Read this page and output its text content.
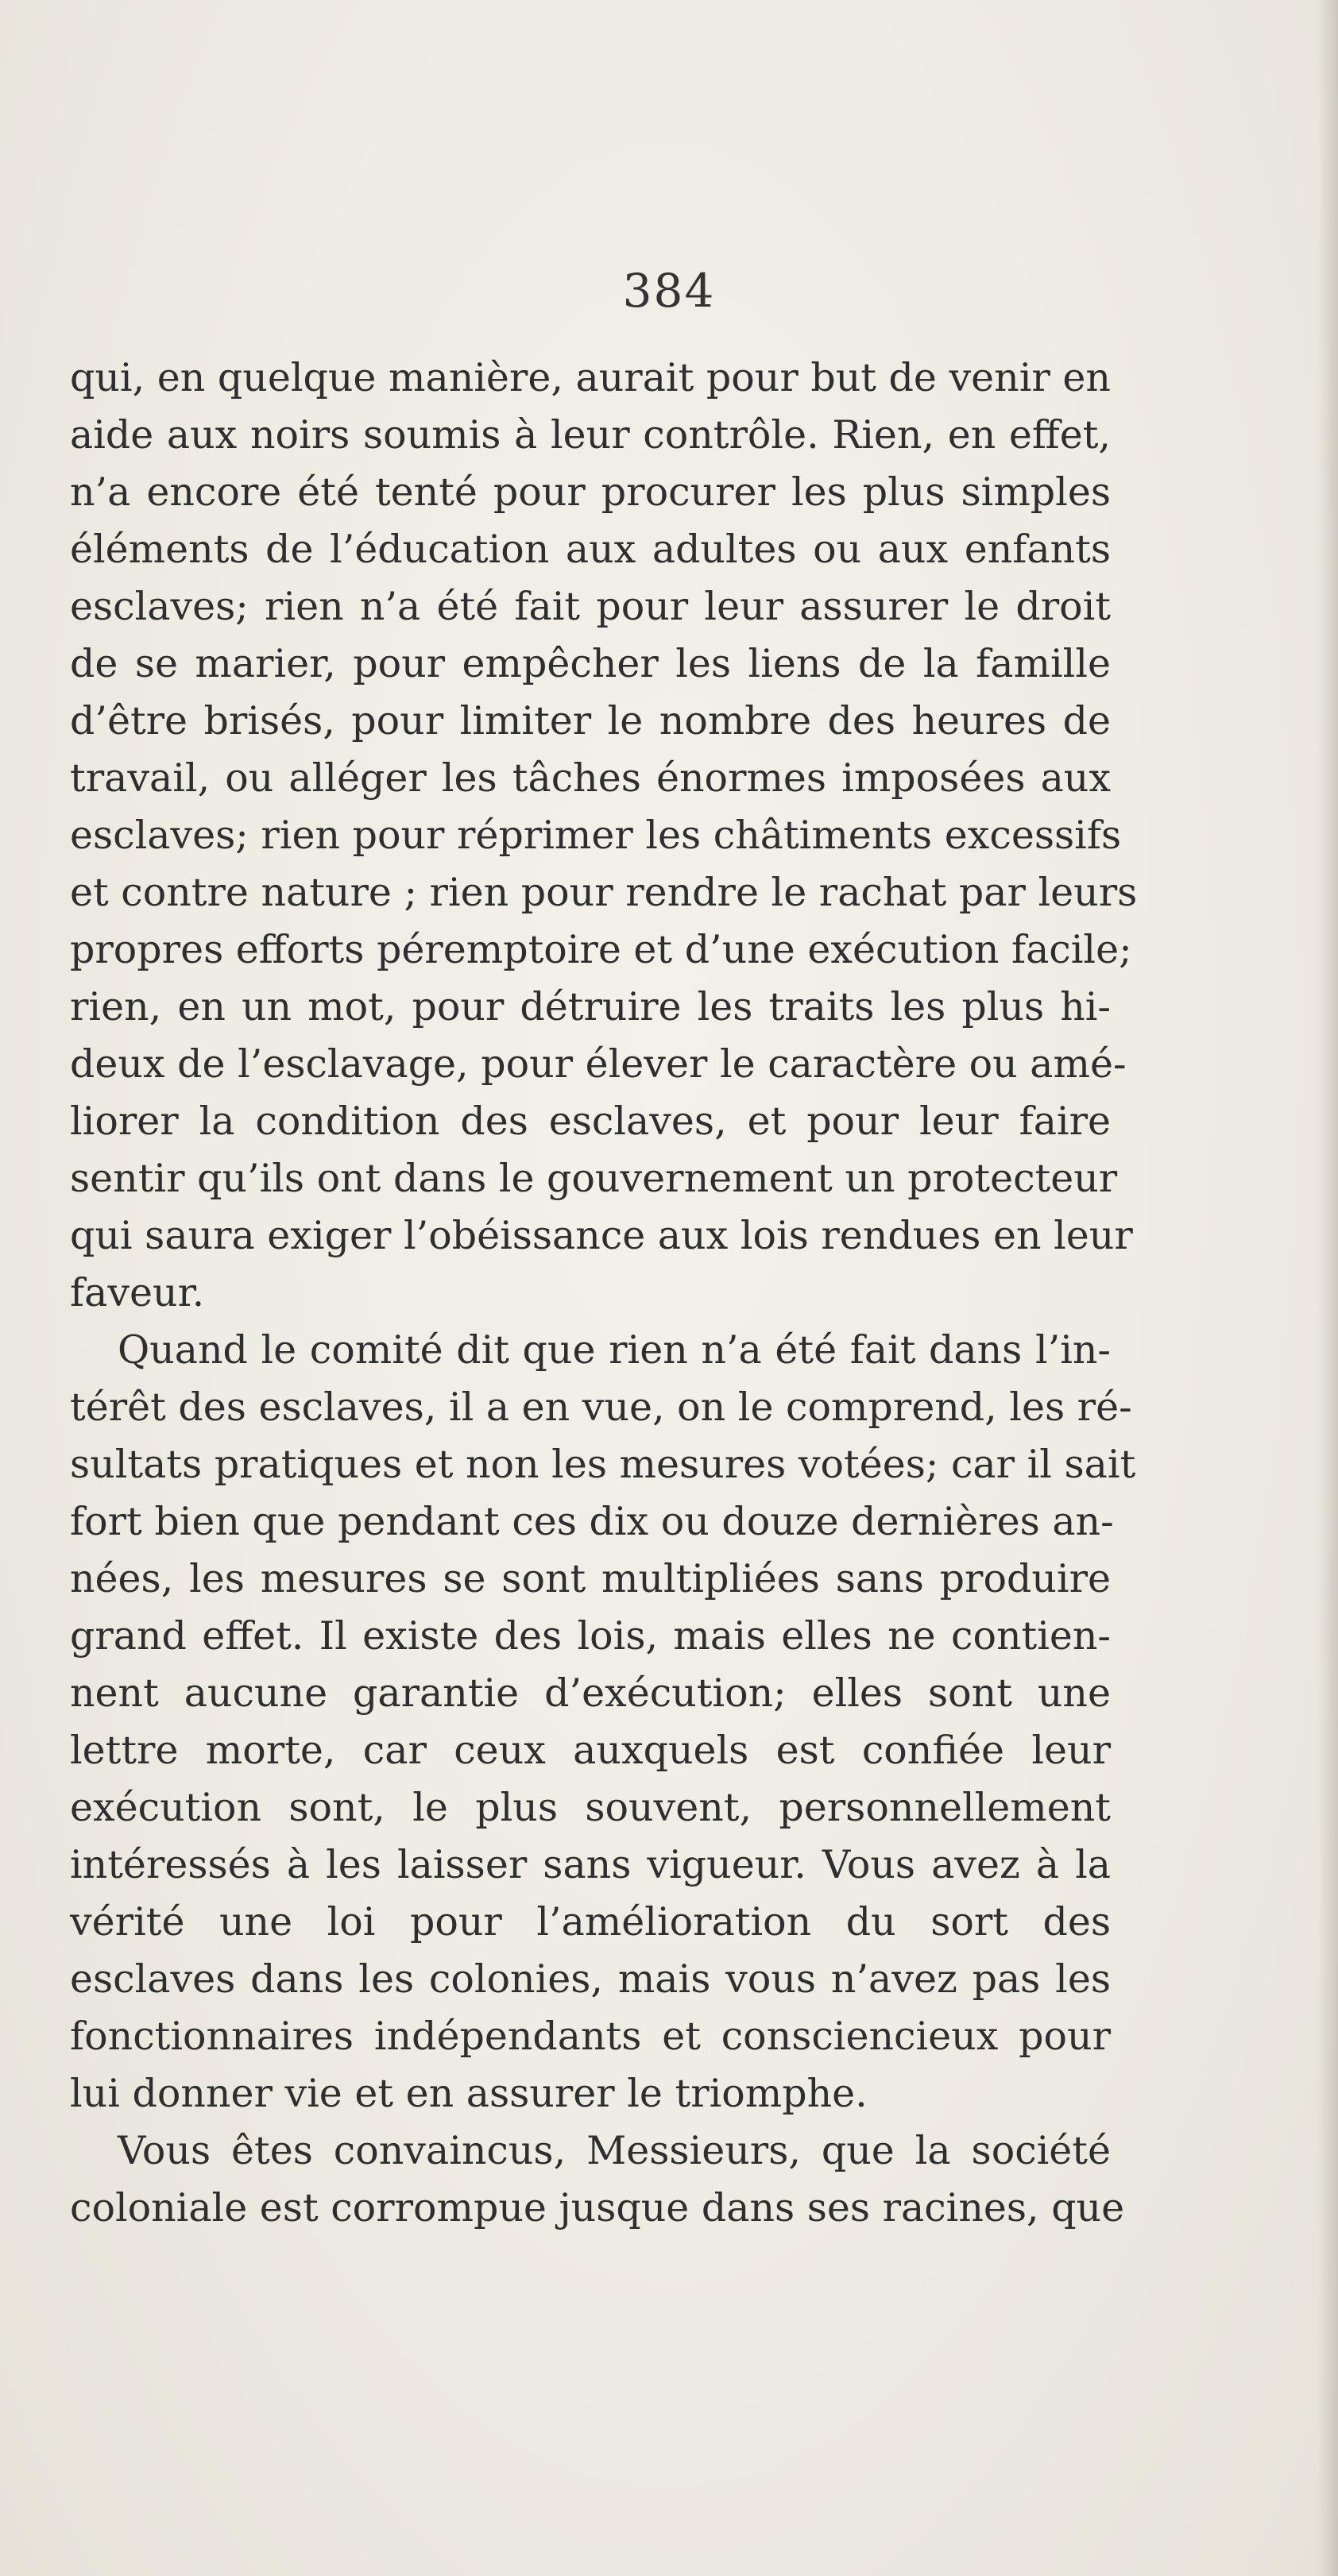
384
qui, en quelque manière, aurait pour but de venir en
aide aux noirs soumis à leur contrôle. Rien, en effet,
n’a encore été tenté pour procurer les plus simples
éléments de l’éducation aux adultes ou aux enfants
esclaves; rien n’a été fait pour leur assurer le droit
de se marier, pour empêcher les liens de la famille
d’être brisés, pour limiter le nombre des heures de
travail, ou alléger les tâches énormes imposées aux
esclaves; rien pour réprimer les châtiments excessifs
et contre nature ; rien pour rendre le rachat par leurs
propres efforts péremptoire et d’une exécution facile;
rien, en un mot, pour détruire les traits les plus hi-
deux de l’esclavage, pour élever le caractère ou amé-
liorer la condition des esclaves, et pour leur faire
sentir qu’ils ont dans le gouvernement un protecteur
qui saura exiger l’obéissance aux lois rendues en leur
faveur.
Quand le comité dit que rien n’a été fait dans l’in-
térêt des esclaves, il a en vue, on le comprend, les ré-
sultats pratiques et non les mesures votées; car il sait
fort bien que pendant ces dix ou douze dernières an-
nées, les mesures se sont multipliées sans produire
grand effet. Il existe des lois, mais elles ne contien-
nent aucune garantie d’exécution; elles sont une
lettre morte, car ceux auxquels est confiée leur
exécution sont, le plus souvent, personnellement
intéressés à les laisser sans vigueur. Vous avez à la
vérité une loi pour l’amélioration du sort des
esclaves dans les colonies, mais vous n’avez pas les
fonctionnaires indépendants et consciencieux pour
lui donner vie et en assurer le triomphe.
Vous êtes convaincus, Messieurs, que la société
coloniale est corrompue jusque dans ses racines, que
